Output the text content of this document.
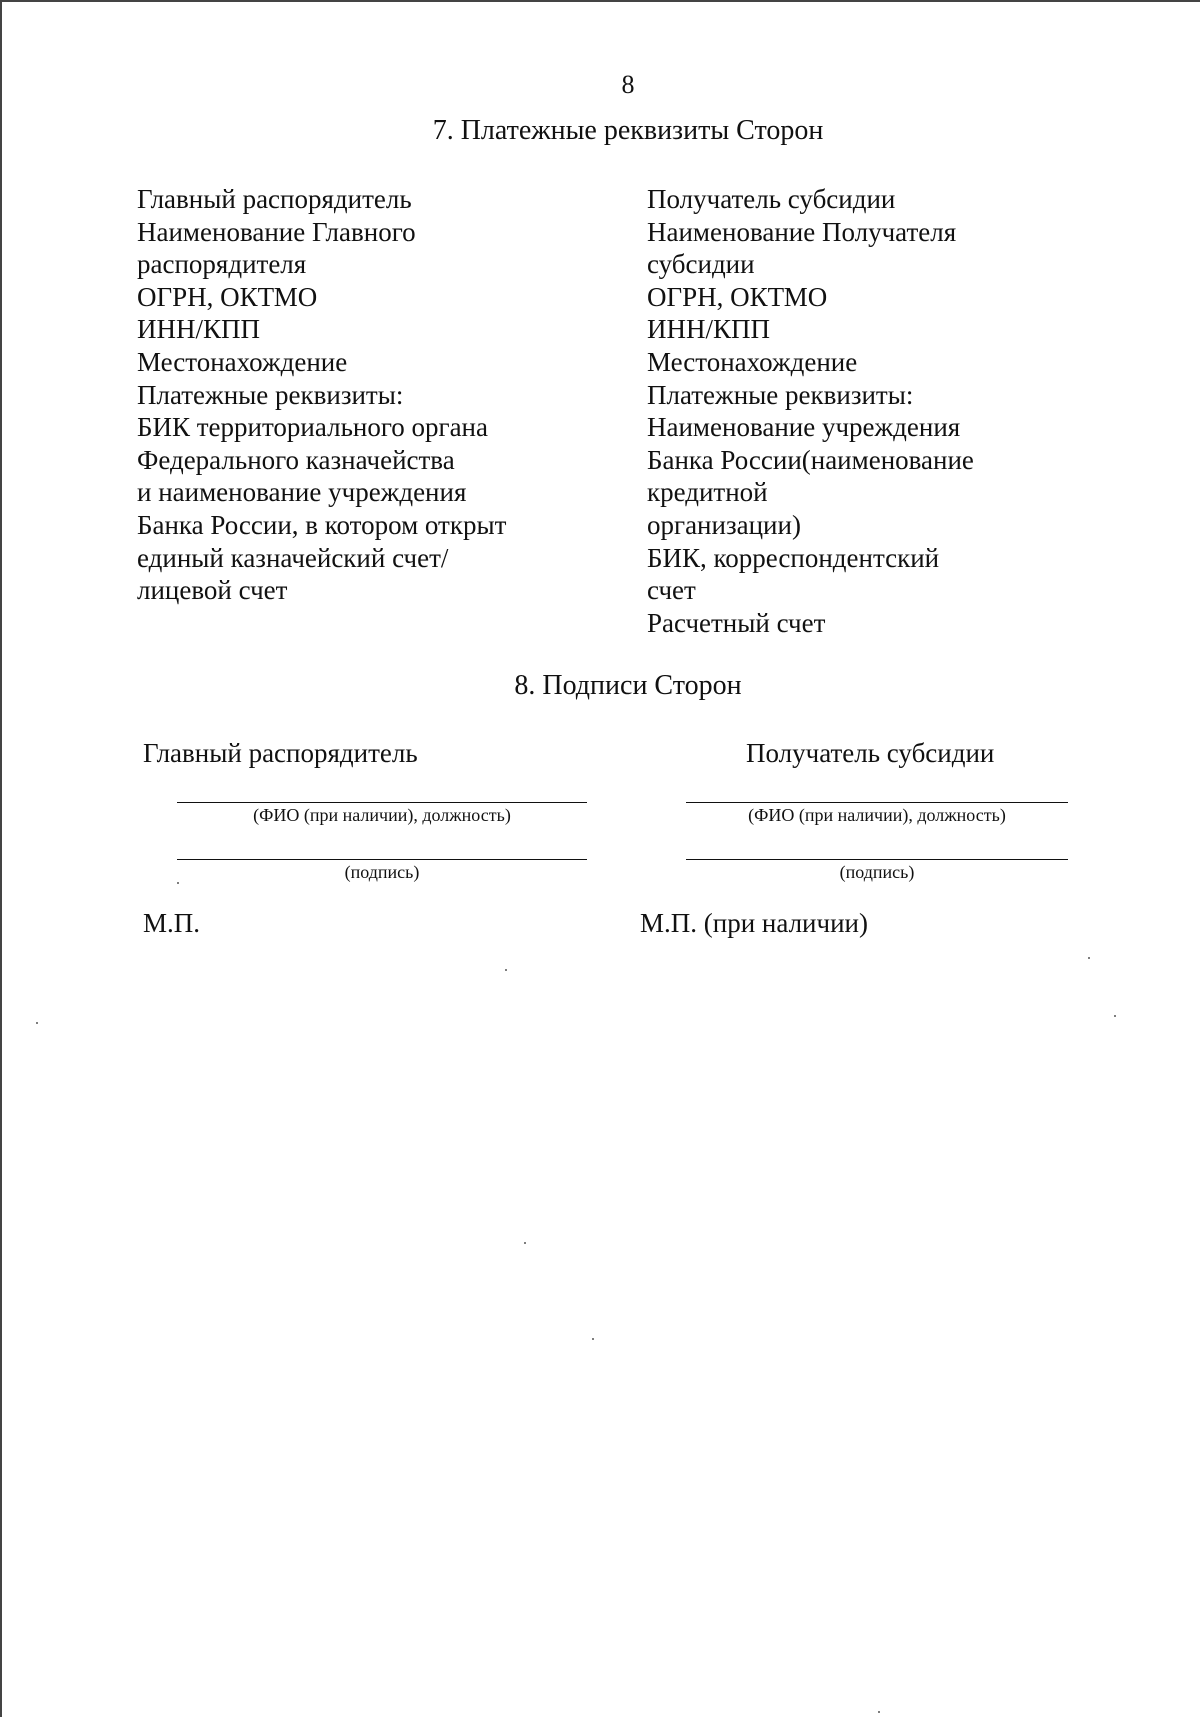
8
7. Платежные реквизиты Сторон
Главный распорядитель
Наименование Главного
распорядителя
ОГРН, ОКТМО
ИНН/КПП
Местонахождение
Платежные реквизиты:
БИК территориального органа
Федерального казначейства
и наименование учреждения
Банка России, в котором открыт
единый казначейский счет/
лицевой счет
Получатель субсидии
Наименование Получателя
субсидии
ОГРН, ОКТМО
ИНН/КПП
Местонахождение
Платежные реквизиты:
Наименование учреждения
Банка России(наименование
кредитной
организации)
БИК, корреспондентский
счет
Расчетный счет
8. Подписи Сторон
Главный распорядитель	Получатель субсидии
(ФИО (при наличии), должность)
(подпись)
(ФИО (при наличии), должность)
(подпись)
М.П.	М.П. (при наличии)
